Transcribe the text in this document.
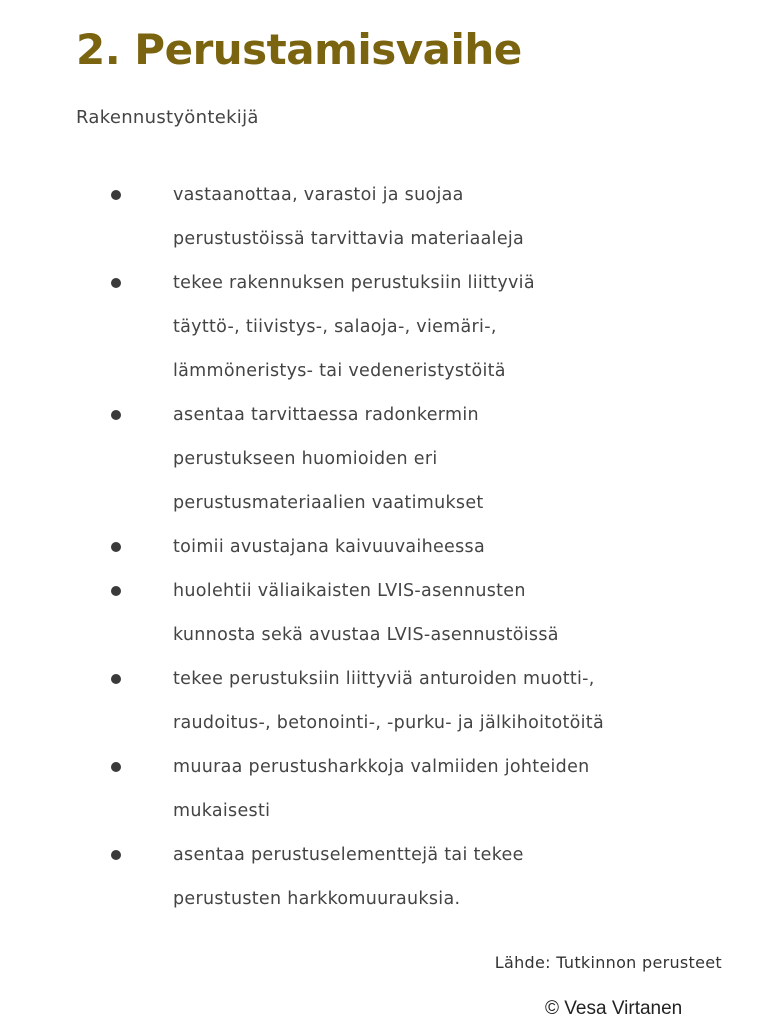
2. Perustamisvaihe
Rakennustyöntekijä
vastaanottaa, varastoi ja suojaa
perustustöissä tarvittavia materiaaleja
tekee rakennuksen perustuksiin liittyviä
täyttö-, tiivistys-, salaoja-, viemäri-,
lämmöneristys- tai vedeneristystöitä
asentaa tarvittaessa radonkermin
perustukseen huomioiden eri
perustusmateriaalien vaatimukset
toimii avustajana kaivuuvaiheessa
huolehtii väliaikaisten LVIS-asennusten
kunnosta sekä avustaa LVIS-asennustöissä
tekee perustuksiin liittyviä anturoiden muotti-,
raudoitus-, betonointi-, -purku- ja jälkihoitotöitä
muuraa perustusharkkoja valmiiden johteiden
mukaisesti
asentaa perustuselementtejä tai tekee
perustusten harkkomuurauksia.
Lähde: Tutkinnon perusteet
© Vesa Virtanen
